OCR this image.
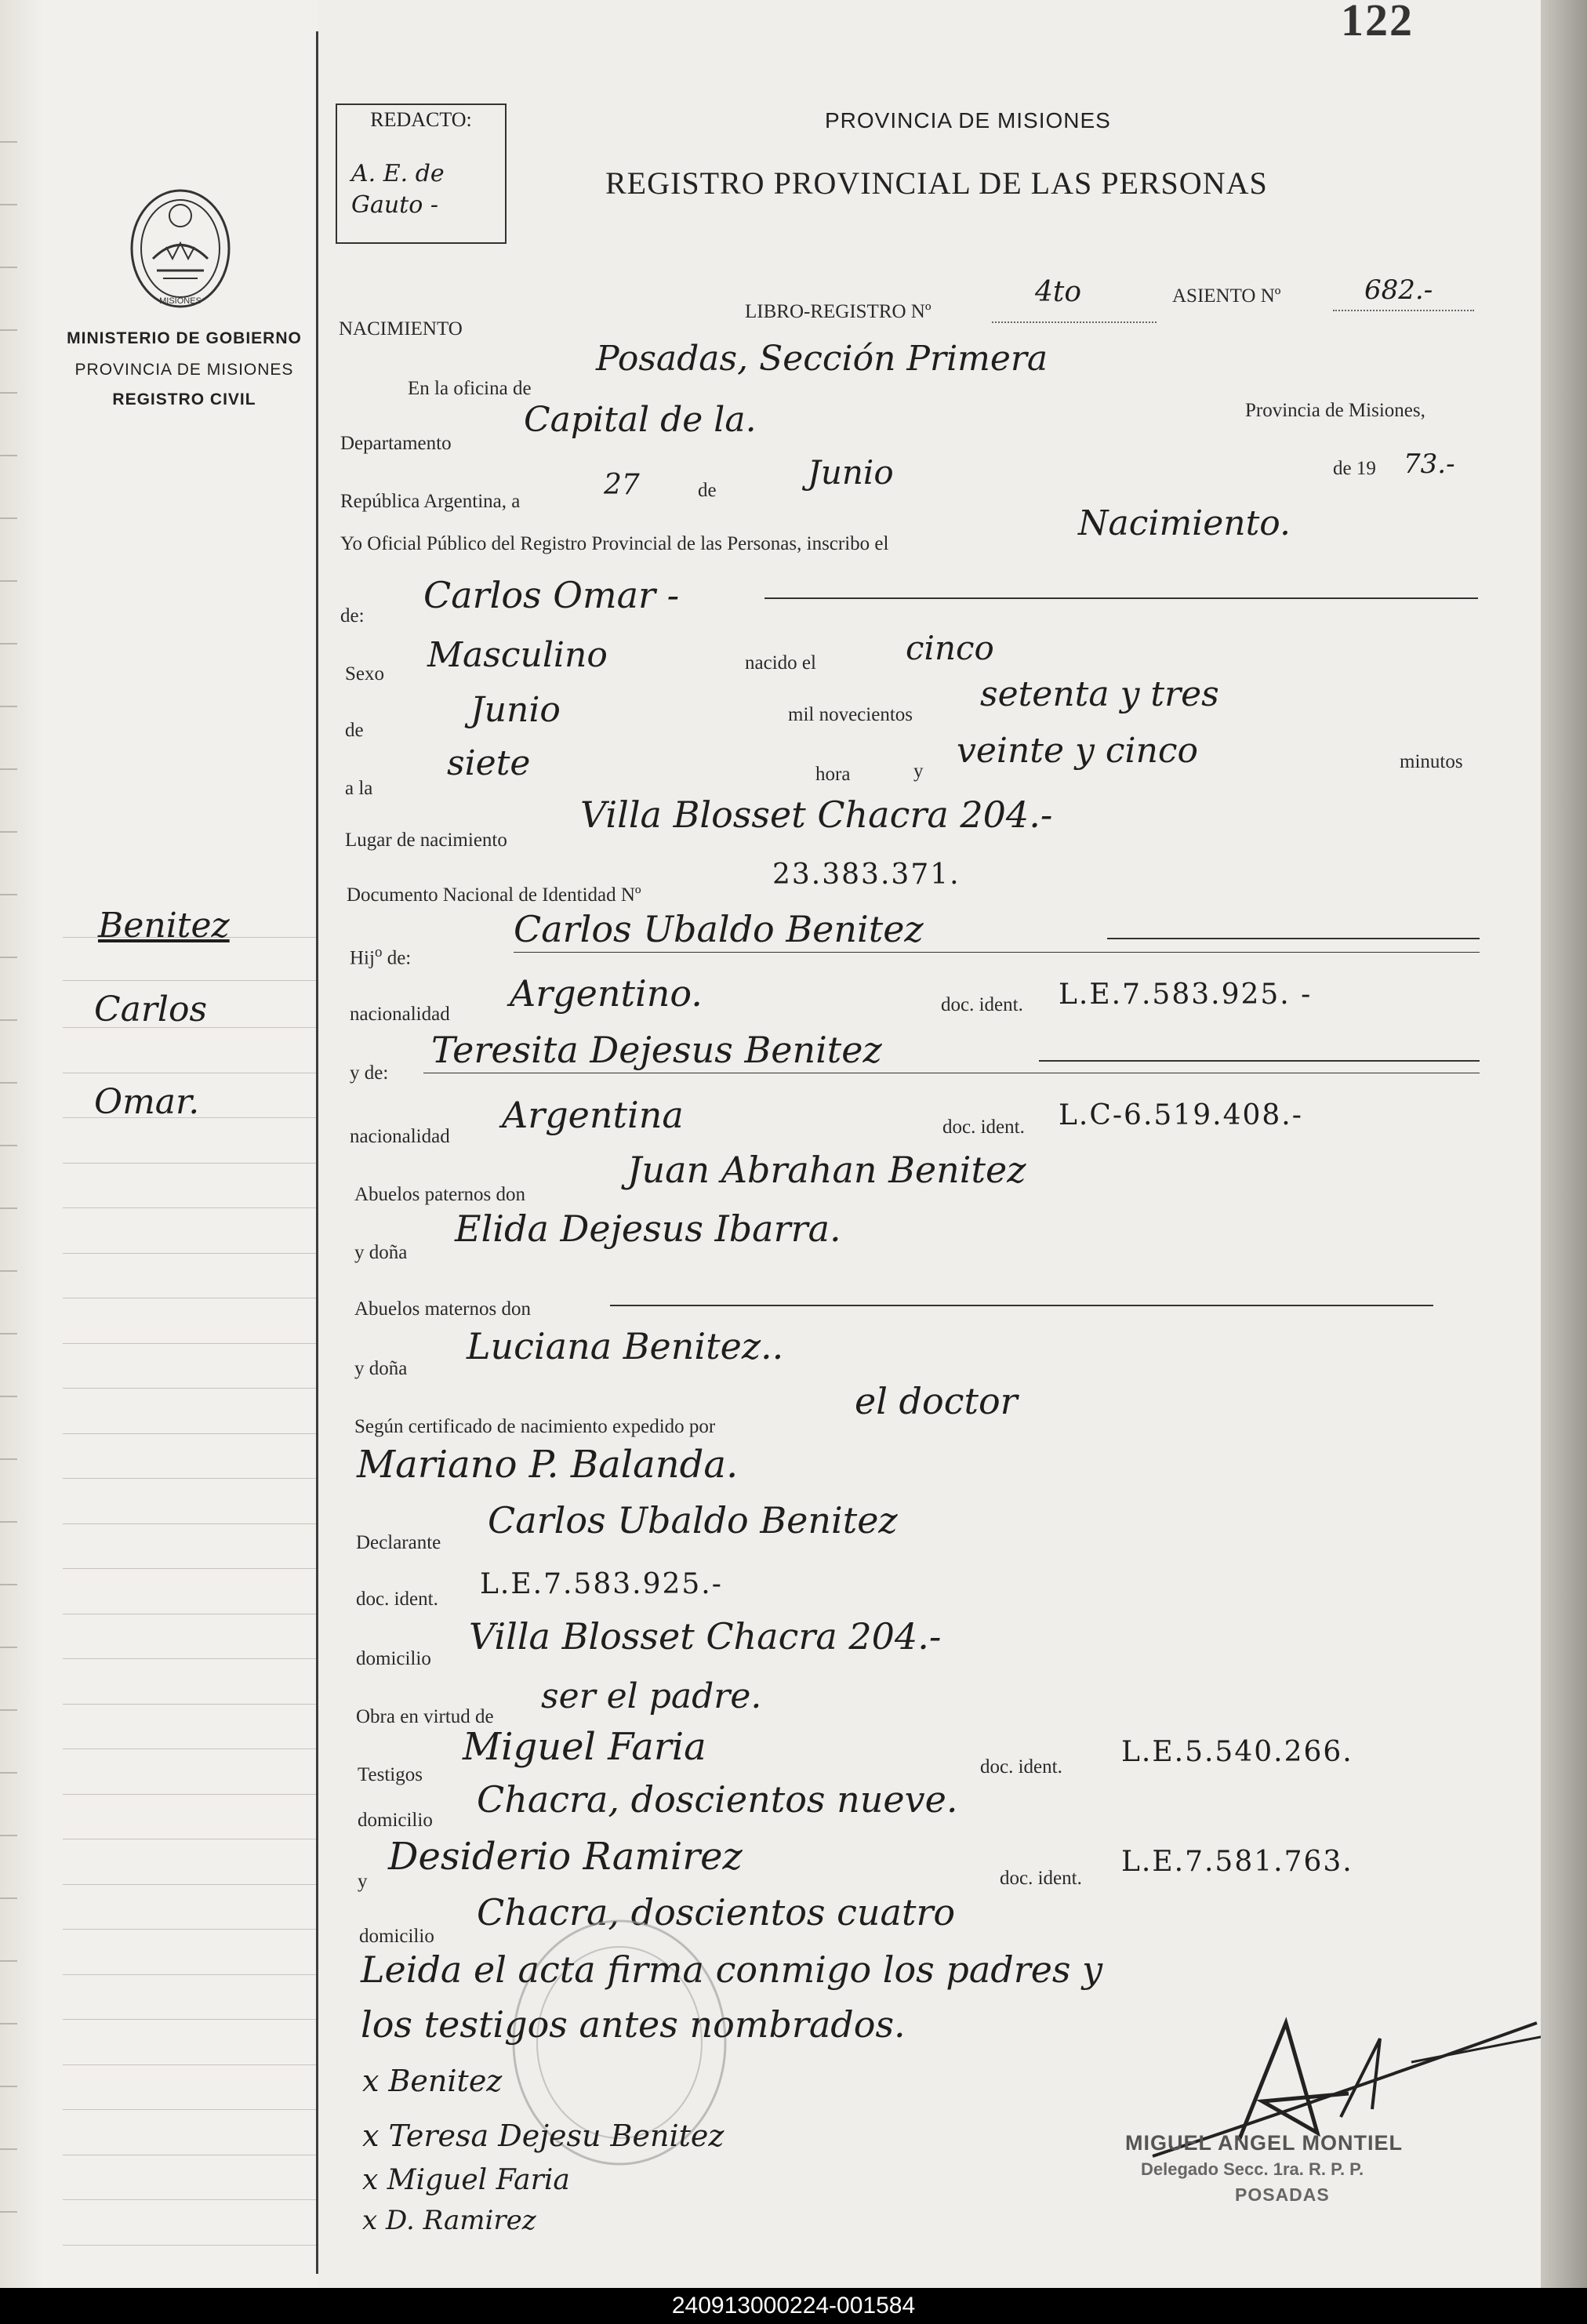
MISIONES
MINISTERIO DE GOBIERNO
PROVINCIA DE MISIONES
REGISTRO CIVIL
Benitez
Carlos
Omar.
122
REDACTO:
A. E. de Gauto -
PROVINCIA DE MISIONES
REGISTRO PROVINCIAL DE LAS PERSONAS
NACIMIENTO
LIBRO-REGISTRO Nº
4to	ASIENTO Nº	682.-
En la oficina de
Posadas, Sección Primera
Departamento
Capital de la.	Provincia de Misiones,
República Argentina, a
27	de	Junio	de 19 73.-
Yo Oficial Público del Registro Provincial de las Personas, inscribo el
Nacimiento.
de: Carlos Omar -
Sexo Masculino	nacido el	cinco
de
Junio	mil novecientos
setenta y tres
a la
siete	hora	y
veinte y cinco	minutos
Lugar de nacimiento
Villa Blosset Chacra 204.-
Documento Nacional de Identidad Nº
23.383.371.
Hij$^o$ de:
Carlos Ubaldo Benitez
nacionalidad Argentino.	doc. ident. L.E.7.583.925. -
y de:
Teresita Dejesus Benitez
nacionalidad
Argentina	doc. ident. L.C-6.519.408.-
Abuelos paternos don
Juan Abrahan Benitez
y doña
Elida Dejesus Ibarra.
Abuelos maternos don
y doña
Luciana Benitez..
Según certificado de nacimiento expedido por
el doctor
Mariano P. Balanda.
Declarante
Carlos Ubaldo Benitez
doc. ident. L.E.7.583.925.-
domicilio
Villa Blosset Chacra 204.-
Obra en virtud de
ser el padre.
Testigos
Miguel Faria	doc. ident. L.E.5.540.266.
domicilio Chacra, doscientos nueve.
y
Desiderio Ramirez	doc. ident.
L.E.7.581.763.
domicilio
Chacra, doscientos cuatro
Leida el acta firma conmigo los padres y
los testigos antes nombrados.
x Benitez
x Teresa Dejesu Benitez
x Miguel Faria
x D. Ramirez
MIGUEL ANGEL MONTIEL
Delegado Secc. 1ra. R. P. P.
POSADAS
240913000224-001584
